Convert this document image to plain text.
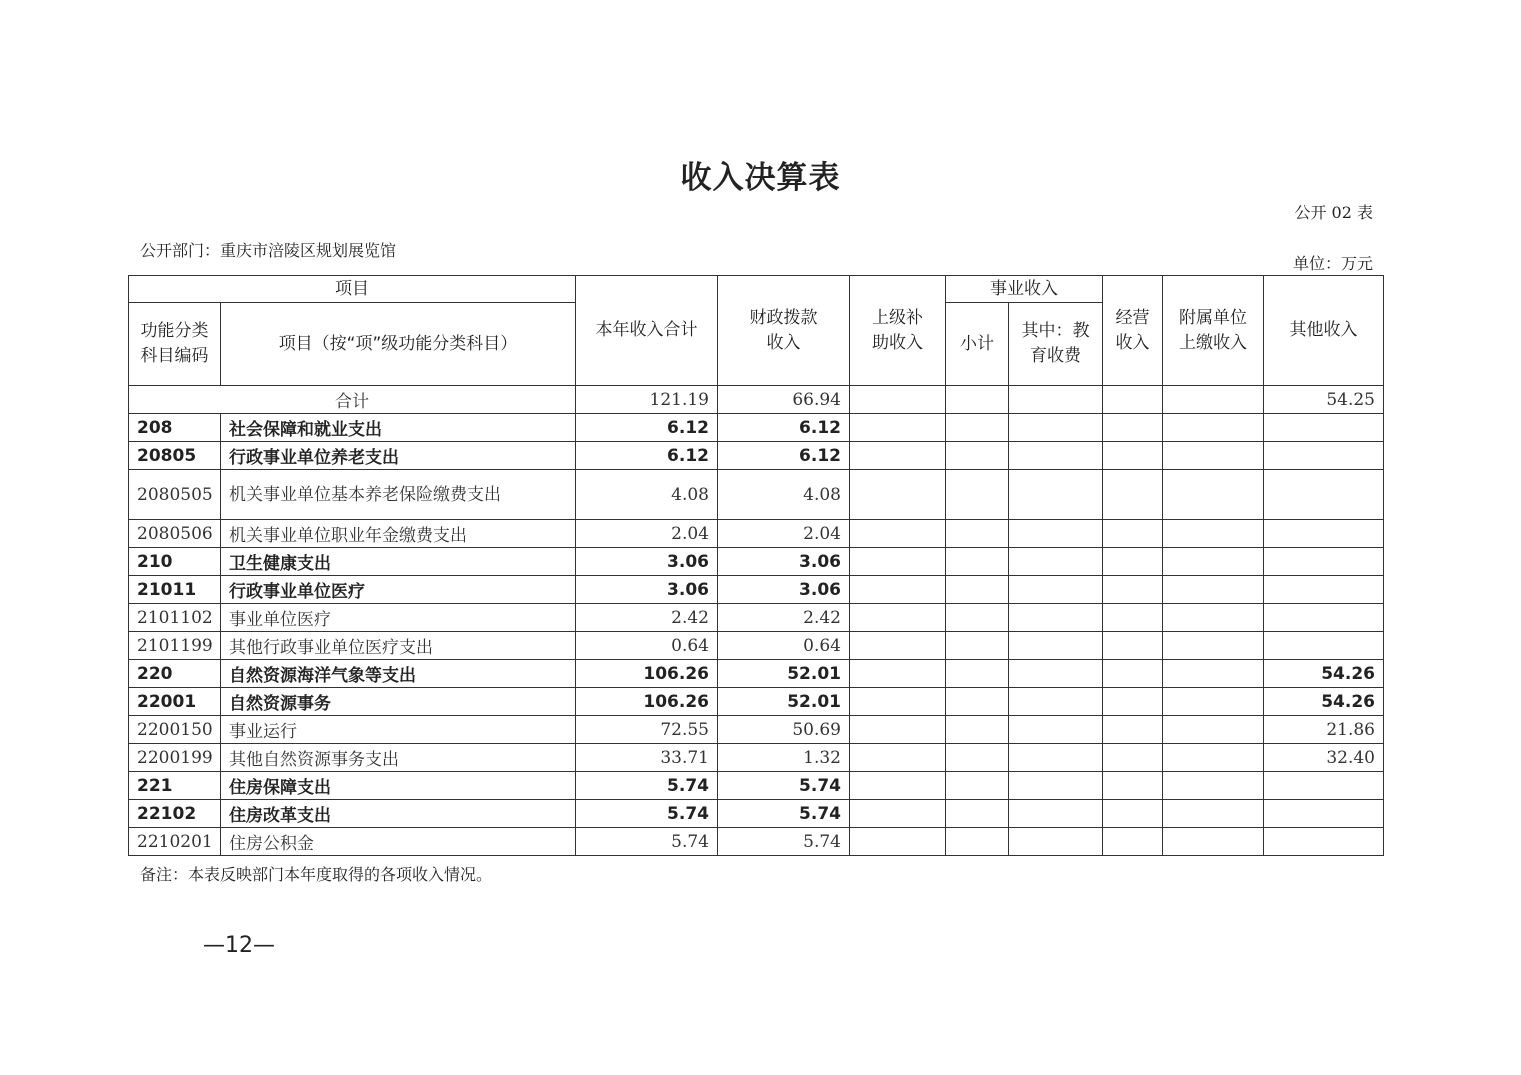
收入决算表
公开 02 表
公开部门：重庆市涪陵区规划展览馆
单位：万元
项目		本年收入合计	财政拨款收入	上级补助收入	事业收入		经营收入	附属单位上缴收入	其他收入
功能分类科目编码	项目（按“项”级功能分类科目）				小计	其中：教育收费			
合计		121.19	66.94						54.25
208	社会保障和就业支出	6.12	6.12						
20805	行政事业单位养老支出	6.12	6.12						
2080505	机关事业单位基本养老保险缴费支出	4.08	4.08						
2080506	机关事业单位职业年金缴费支出	2.04	2.04						
210	卫生健康支出	3.06	3.06						
21011	行政事业单位医疗	3.06	3.06						
2101102	事业单位医疗	2.42	2.42						
2101199	其他行政事业单位医疗支出	0.64	0.64						
220	自然资源海洋气象等支出	106.26	52.01						54.26
22001	自然资源事务	106.26	52.01						54.26
2200150	事业运行	72.55	50.69						21.86
2200199	其他自然资源事务支出	33.71	1.32						32.40
221	住房保障支出	5.74	5.74						
22102	住房改革支出	5.74	5.74						
2210201	住房公积金	5.74	5.74						
备注：本表反映部门本年度取得的各项收入情况。
—12—
